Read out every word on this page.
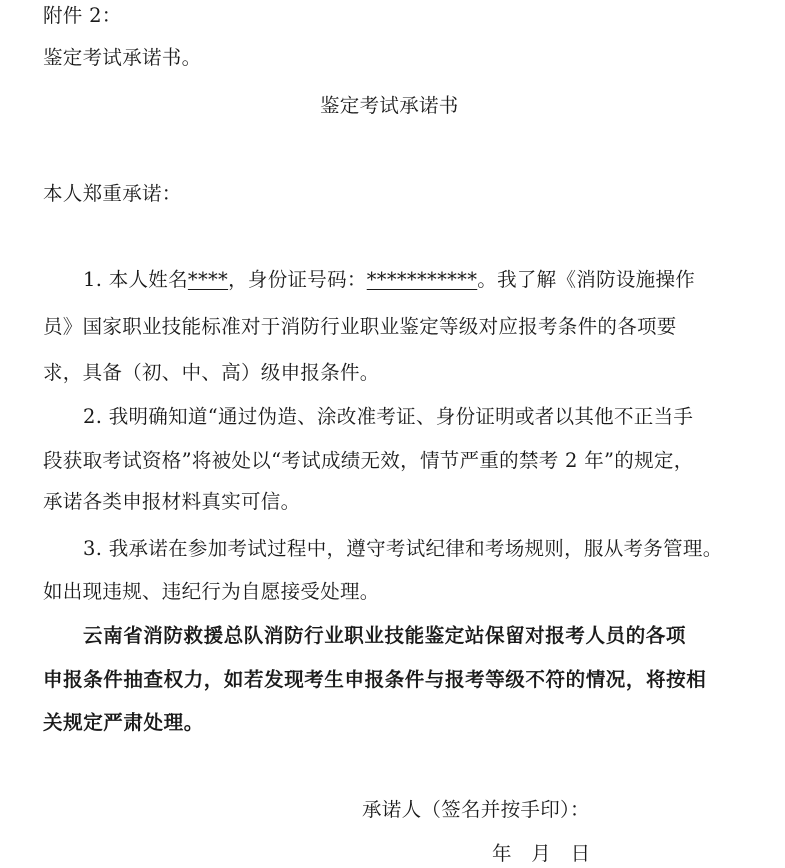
附件 2：
鉴定考试承诺书。
鉴定考试承诺书
本人郑重承诺：
1. 本人姓名****，身份证号码：***********。我了解《消防设施操作
员》国家职业技能标准对于消防行业职业鉴定等级对应报考条件的各项要
求，具备（初、中、高）级申报条件。
2. 我明确知道“通过伪造、涂改准考证、身份证明或者以其他不正当手
段获取考试资格”将被处以“考试成绩无效，情节严重的禁考 2 年”的规定，
承诺各类申报材料真实可信。
3. 我承诺在参加考试过程中，遵守考试纪律和考场规则，服从考务管理。
如出现违规、违纪行为自愿接受处理。
云南省消防救援总队消防行业职业技能鉴定站保留对报考人员的各项
申报条件抽查权力，如若发现考生申报条件与报考等级不符的情况，将按相
关规定严肃处理。
承诺人（签名并按手印）：
年   月   日
